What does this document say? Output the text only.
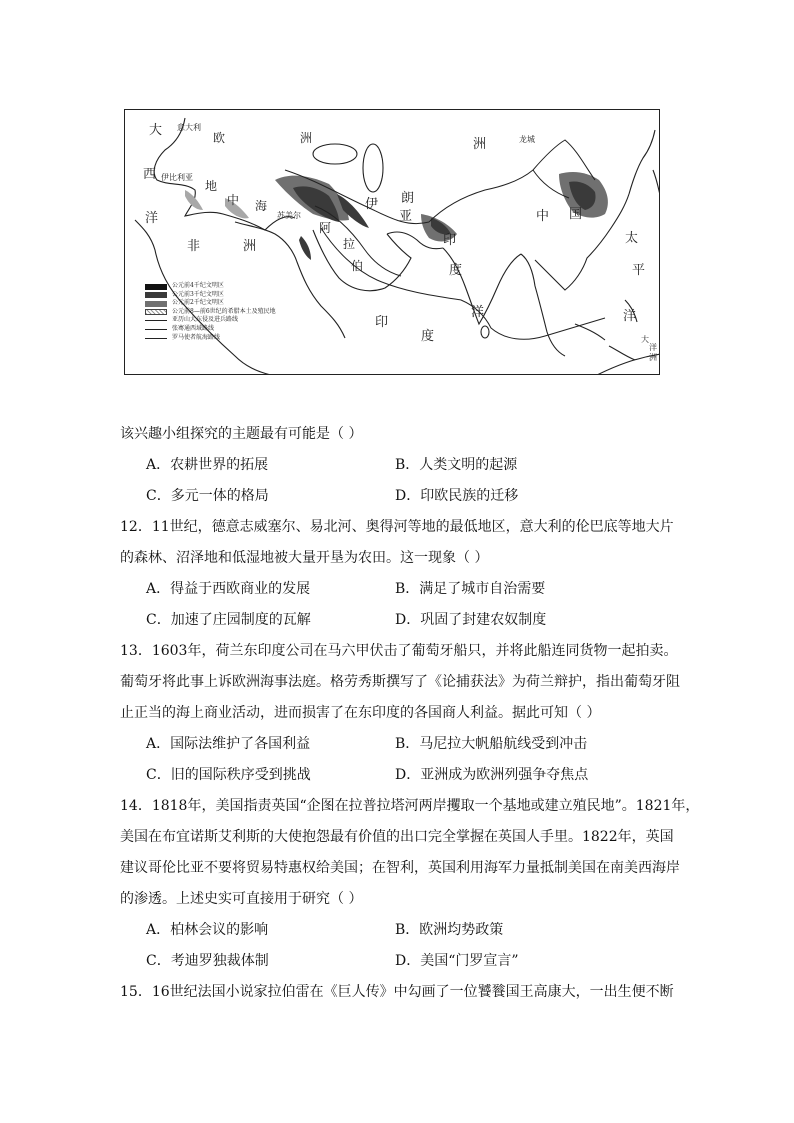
大
西
洋
意大利
欧	洲
伊比利亚
地
中 海
非	洲
苏美尔
阿
拉
伯
伊 朗
亚
洲
印
度
印
度
洋
中 国
太
平
洋
大
洋
洲
龙城
公元前4千纪文明区
公元前3千纪文明区
公元前2千纪文明区
公元前8—前6世纪的希腊本土及殖民地
亚历山大东侵及进兵路线
张骞通西域路线
罗马使者航海路线
该兴趣小组探究的主题最有可能是（ ）
A．农耕世界的拓展	B．人类文明的起源
C．多元一体的格局	D．印欧民族的迁移
12．11世纪，德意志威塞尔、易北河、奥得河等地的最低地区，意大利的伦巴底等地大片
的森林、沼泽地和低湿地被大量开垦为农田。这一现象（ ）
A．得益于西欧商业的发展	B．满足了城市自治需要
C．加速了庄园制度的瓦解	D．巩固了封建农奴制度
13．1603年，荷兰东印度公司在马六甲伏击了葡萄牙船只，并将此船连同货物一起拍卖。
葡萄牙将此事上诉欧洲海事法庭。格劳秀斯撰写了《论捕获法》为荷兰辩护，指出葡萄牙阻
止正当的海上商业活动，进而损害了在东印度的各国商人利益。据此可知（ ）
A．国际法维护了各国利益	B．马尼拉大帆船航线受到冲击
C．旧的国际秩序受到挑战	D．亚洲成为欧洲列强争夺焦点
14．1818年，美国指责英国“企图在拉普拉塔河两岸攫取一个基地或建立殖民地”。1821年，
美国在布宜诺斯艾利斯的大使抱怨最有价值的出口完全掌握在英国人手里。1822年，英国
建议哥伦比亚不要将贸易特惠权给美国；在智利，英国利用海军力量抵制美国在南美西海岸
的渗透。上述史实可直接用于研究（ ）
A．柏林会议的影响	B．欧洲均势政策
C．考迪罗独裁体制	D．美国“门罗宣言”
15．16世纪法国小说家拉伯雷在《巨人传》中勾画了一位饕餮国王高康大，一出生便不断
